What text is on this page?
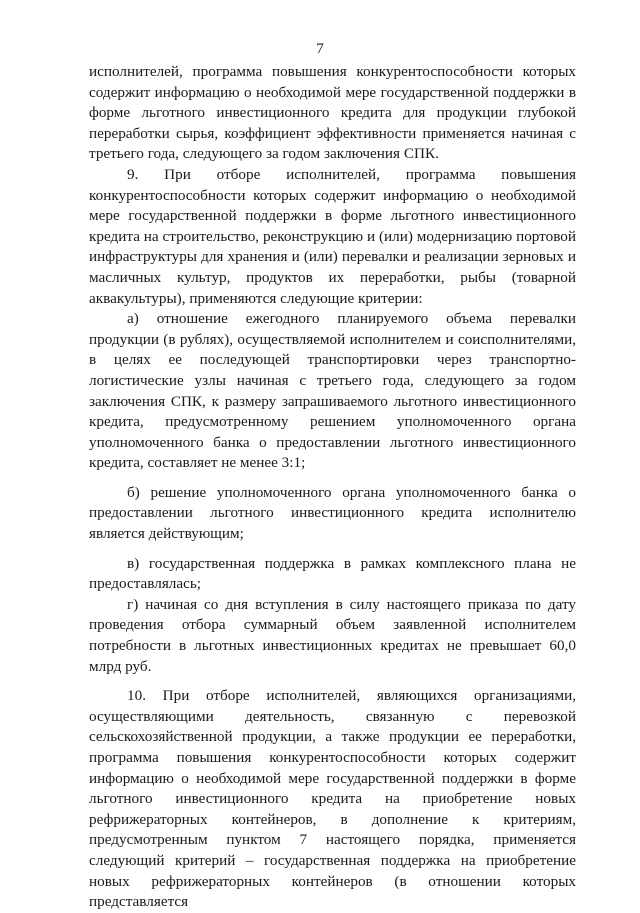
7

исполнителей, программа повышения конкурентоспособности которых содержит информацию о необходимой мере государственной поддержки в форме льготного инвестиционного кредита для продукции глубокой переработки сырья, коэффициент эффективности применяется начиная с третьего года, следующего за годом заключения СПК.

9. При отборе исполнителей, программа повышения конкурентоспособности которых содержит информацию о необходимой мере государственной поддержки в форме льготного инвестиционного кредита на строительство, реконструкцию и (или) модернизацию портовой инфраструктуры для хранения и (или) перевалки и реализации зерновых и масличных культур, продуктов их переработки, рыбы (товарной аквакультуры), применяются следующие критерии:

а) отношение ежегодного планируемого объема перевалки продукции (в рублях), осуществляемой исполнителем и соисполнителями, в целях ее последующей транспортировки через транспортно-логистические узлы начиная с третьего года, следующего за годом заключения СПК, к размеру запрашиваемого льготного инвестиционного кредита, предусмотренному решением уполномоченного органа уполномоченного банка о предоставлении льготного инвестиционного кредита, составляет не менее 3:1;

б) решение уполномоченного органа уполномоченного банка о предоставлении льготного инвестиционного кредита исполнителю является действующим;

в) государственная поддержка в рамках комплексного плана не предоставлялась;

г) начиная со дня вступления в силу настоящего приказа по дату проведения отбора суммарный объем заявленной исполнителем потребности в льготных инвестиционных кредитах не превышает 60,0 млрд руб.

10. При отборе исполнителей, являющихся организациями, осуществляющими деятельность, связанную с перевозкой сельскохозяйственной продукции, а также продукции ее переработки, программа повышения конкурентоспособности которых содержит информацию о необходимой мере государственной поддержки в форме льготного инвестиционного кредита на приобретение новых рефрижераторных контейнеров, в дополнение к критериям, предусмотренным пунктом 7 настоящего порядка, применяется следующий критерий – государственная поддержка на приобретение новых рефрижераторных контейнеров (в отношении которых представляется
